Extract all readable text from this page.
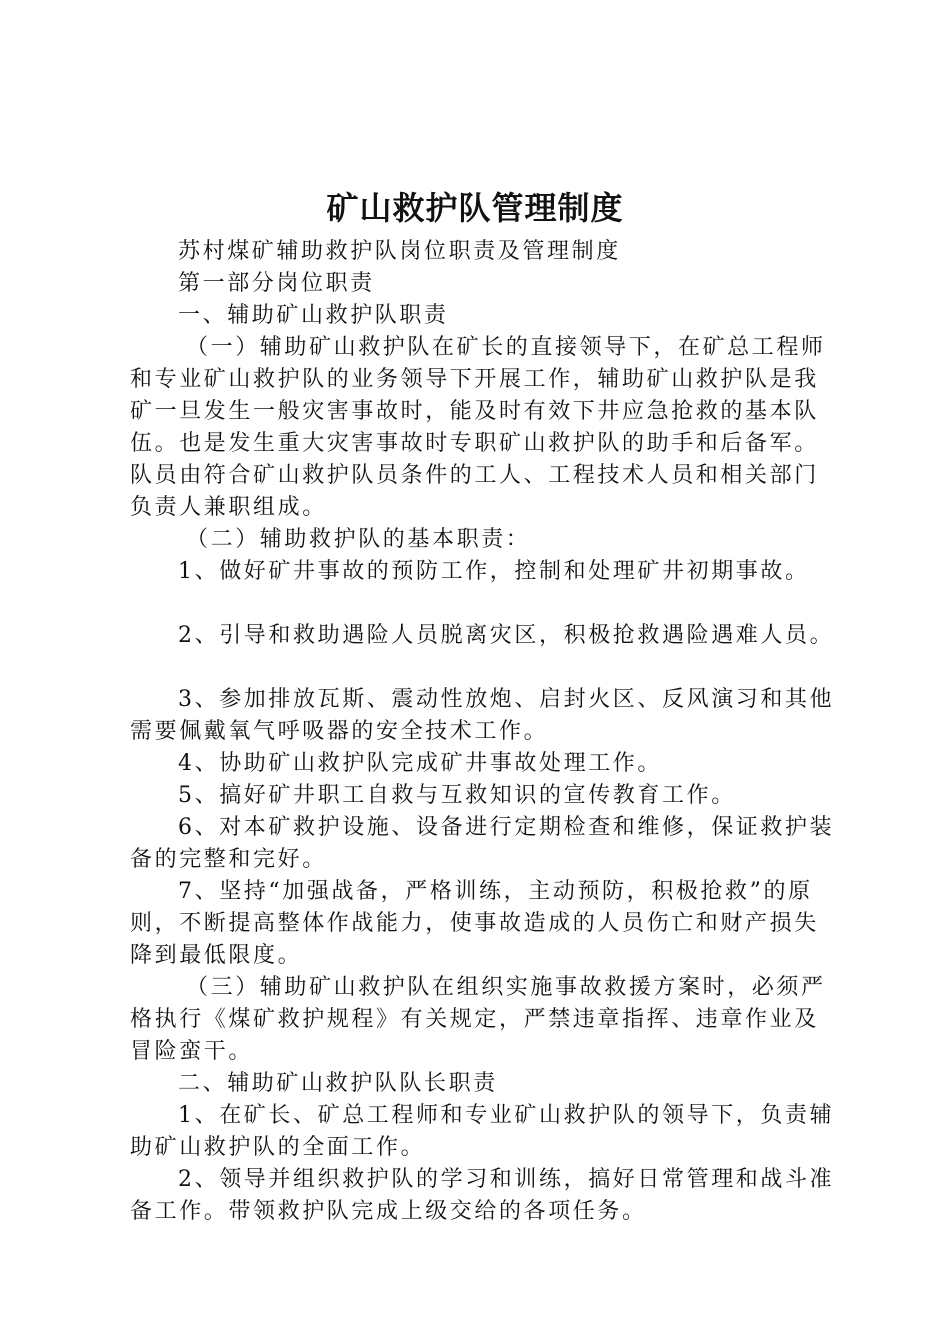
矿山救护队管理制度

苏村煤矿辅助救护队岗位职责及管理制度

第一部分岗位职责

一、辅助矿山救护队职责

（一）辅助矿山救护队在矿长的直接领导下，在矿总工程师和专业矿山救护队的业务领导下开展工作，辅助矿山救护队是我矿一旦发生一般灾害事故时，能及时有效下井应急抢救的基本队伍。也是发生重大灾害事故时专职矿山救护队的助手和后备军。队员由符合矿山救护队员条件的工人、工程技术人员和相关部门负责人兼职组成。

（二）辅助救护队的基本职责：

1、做好矿井事故的预防工作，控制和处理矿井初期事故。

2、引导和救助遇险人员脱离灾区，积极抢救遇险遇难人员。

3、参加排放瓦斯、震动性放炮、启封火区、反风演习和其他需要佩戴氧气呼吸器的安全技术工作。

4、协助矿山救护队完成矿井事故处理工作。

5、搞好矿井职工自救与互救知识的宣传教育工作。

6、对本矿救护设施、设备进行定期检查和维修，保证救护装备的完整和完好。

7、坚持“加强战备，严格训练，主动预防，积极抢救”的原则，不断提高整体作战能力，使事故造成的人员伤亡和财产损失降到最低限度。

（三）辅助矿山救护队在组织实施事故救援方案时，必须严格执行《煤矿救护规程》有关规定，严禁违章指挥、违章作业及冒险蛮干。

二、辅助矿山救护队队长职责

1、在矿长、矿总工程师和专业矿山救护队的领导下，负责辅助矿山救护队的全面工作。

2、领导并组织救护队的学习和训练，搞好日常管理和战斗准备工作。带领救护队完成上级交给的各项任务。
